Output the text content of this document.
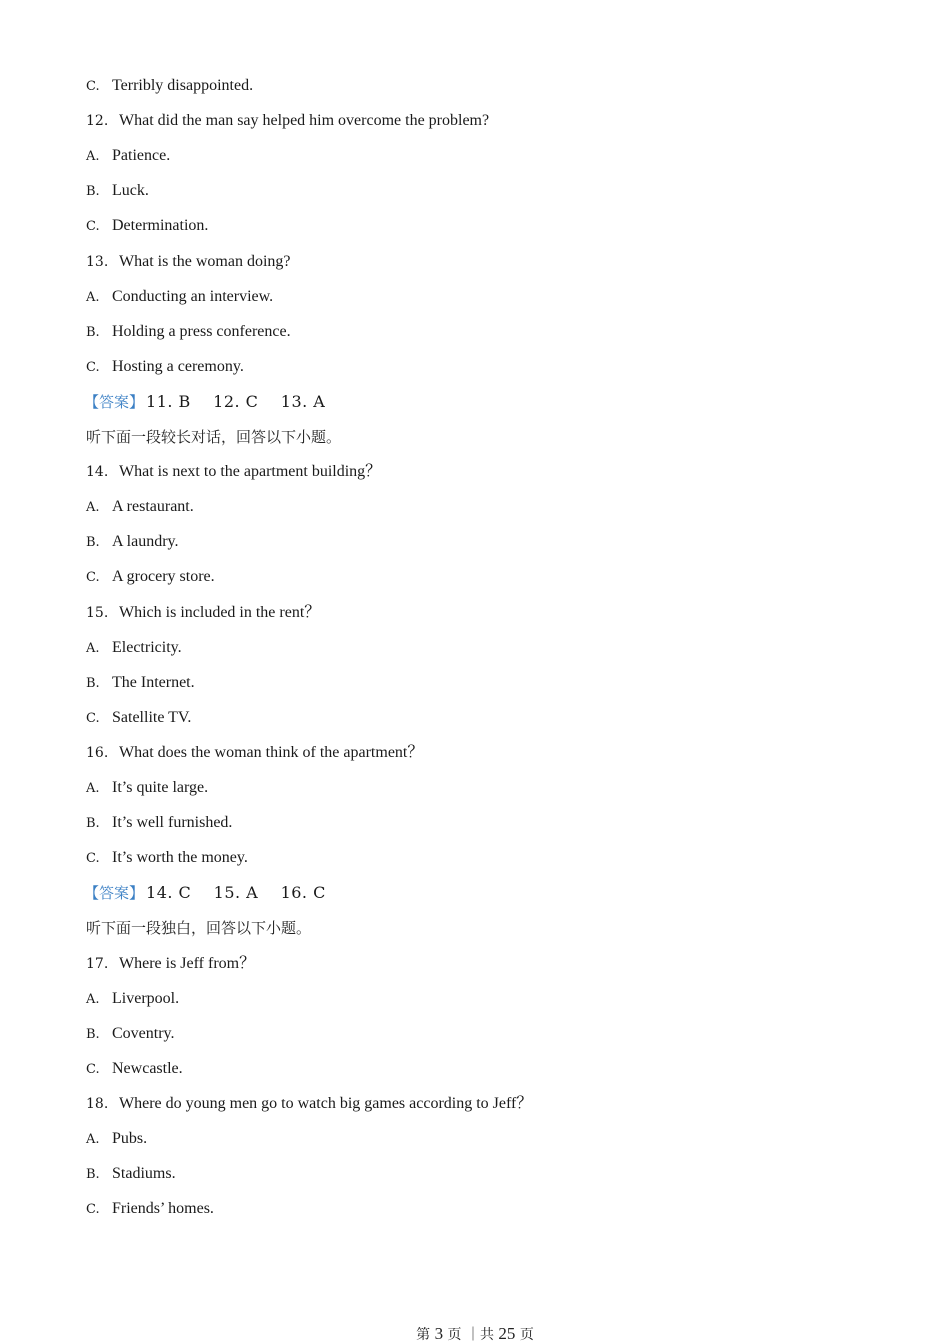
C. Terribly disappointed.
12. What did the man say helped him overcome the problem?
A. Patience.
B. Luck.
C. Determination.
13. What is the woman doing?
A. Conducting an interview.
B. Holding a press conference.
C. Hosting a ceremony.
【答案】 11. B    12. C    13. A
听下面一段较长对话，回答以下小题。
14. What is next to the apartment building？
A. A restaurant.
B. A laundry.
C. A grocery store.
15. Which is included in the rent？
A. Electricity.
B. The Internet.
C. Satellite TV.
16. What does the woman think of the apartment？
A. It’s quite large.
B. It’s well furnished.
C. It’s worth the money.
【答案】 14. C    15. A    16. C
听下面一段独白，回答以下小题。
17. Where is Jeff from？
A. Liverpool.
B. Coventry.
C. Newcastle.
18. Where do young men go to watch big games according to Jeff？
A. Pubs.
B. Stadiums.
C. Friends’ homes.
第 3 页 ｜共 25 页
